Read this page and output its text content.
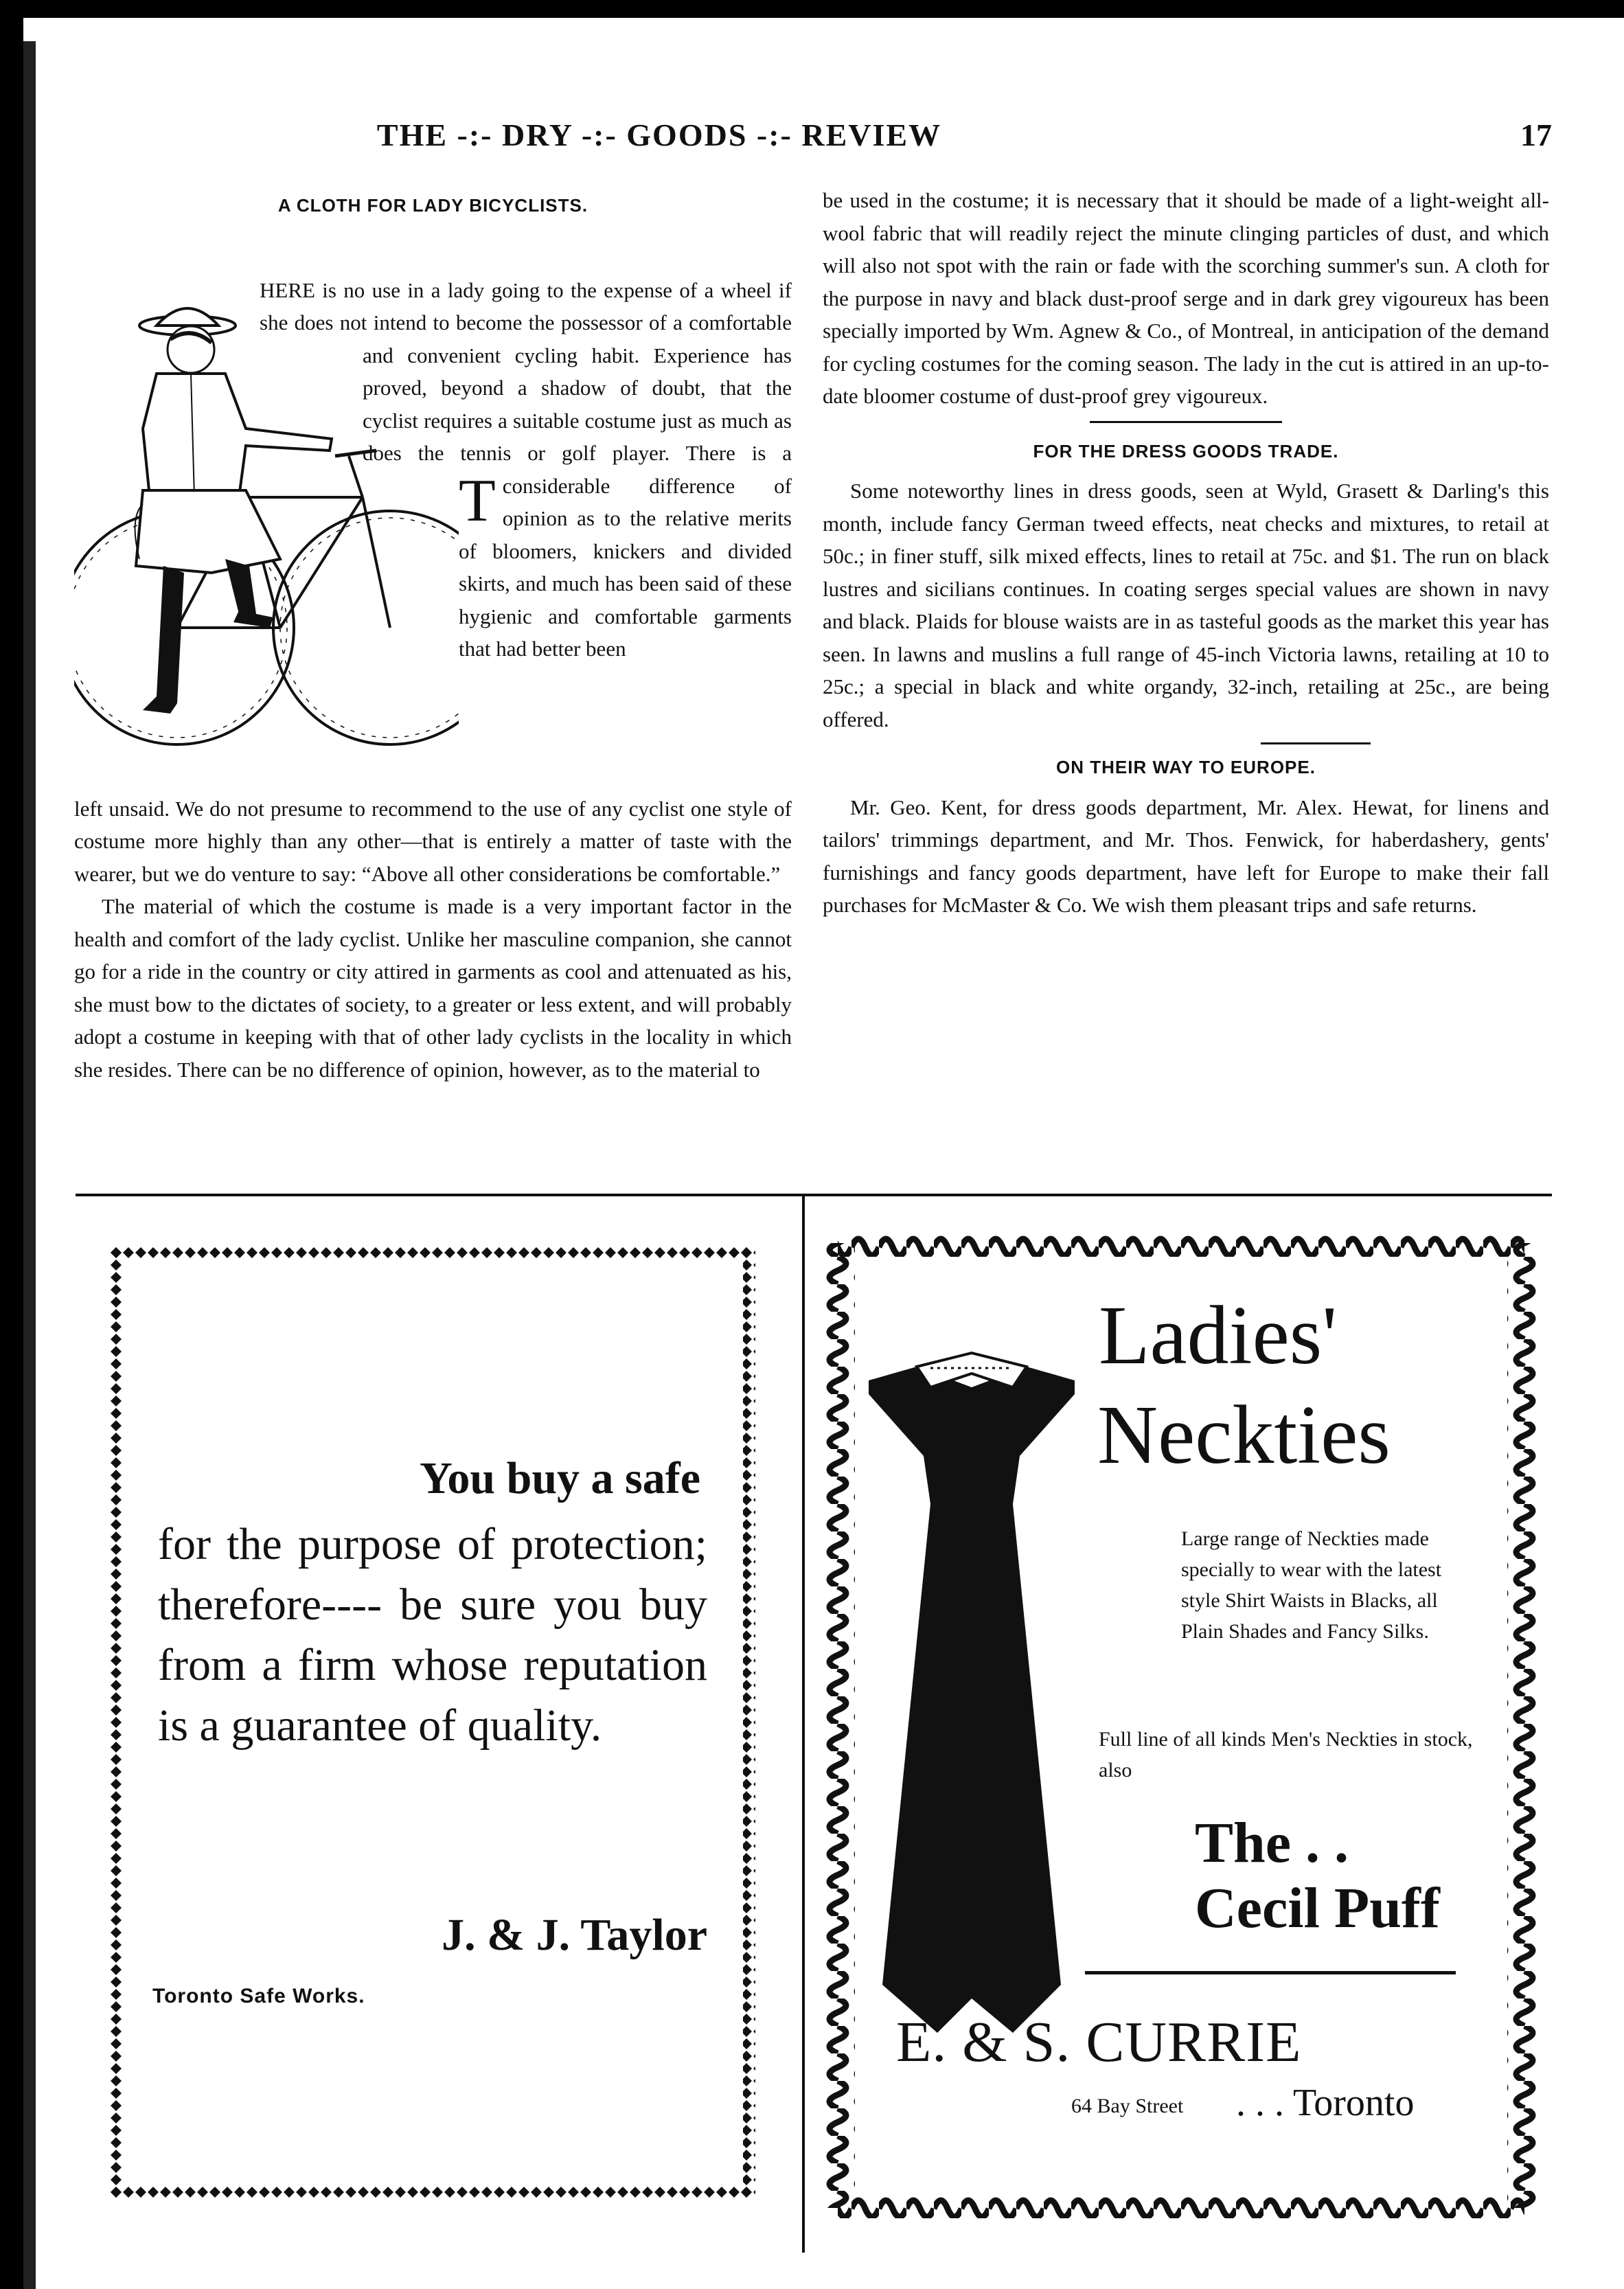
THE -:- DRY -:- GOODS -:- REVIEW	17
A CLOTH FOR LADY BICYCLISTS.
T
HERE is no use in a lady going to the expense of a wheel if she does not intend to become the possessor of a comfortable and convenient cycling habit. Experience has proved, beyond a shadow of doubt, that the cyclist requires a suitable costume just as much as does the tennis or golf player. There is a considerable difference of opinion as to the relative merits of bloomers, knickers and divided skirts, and much has been said of these hygienic and comfortable garments that had better been

left unsaid. We do not presume to recommend to the use of any cyclist one style of costume more highly than any other—that is entirely a matter of taste with the wearer, but we do venture to say: “Above all other considerations be comfortable.”

The material of which the costume is made is a very important factor in the health and comfort of the lady cyclist. Unlike her masculine companion, she cannot go for a ride in the country or city attired in garments as cool and attenuated as his, she must bow to the dictates of society, to a greater or less extent, and will probably adopt a costume in keeping with that of other lady cyclists in the locality in which she resides. There can be no difference of opinion, however, as to the material to

be used in the costume; it is necessary that it should be made of a light-weight all-wool fabric that will readily reject the minute clinging particles of dust, and which will also not spot with the rain or fade with the scorching summer's sun. A cloth for the purpose in navy and black dust-proof serge and in dark grey vigoureux has been specially imported by Wm. Agnew & Co., of Montreal, in anticipation of the demand for cycling costumes for the coming season. The lady in the cut is attired in an up-to-date bloomer costume of dust-proof grey vigoureux.

FOR THE DRESS GOODS TRADE.

Some noteworthy lines in dress goods, seen at Wyld, Grasett & Darling's this month, include fancy German tweed effects, neat checks and mixtures, to retail at 50c.; in finer stuff, silk mixed effects, lines to retail at 75c. and $1. The run on black lustres and sicilians continues. In coating serges special values are shown in navy and black. Plaids for blouse waists are in as tasteful goods as the market this year has seen. In lawns and muslins a full range of 45-inch Victoria lawns, retailing at 10 to 25c.; a special in black and white organdy, 32-inch, retailing at 25c., are being offered.

ON THEIR WAY TO EUROPE.

Mr. Geo. Kent, for dress goods department, Mr. Alex. Hewat, for linens and tailors' trimmings department, and Mr. Thos. Fenwick, for haberdashery, gents' furnishings and fancy goods department, have left for Europe to make their fall purchases for McMaster & Co. We wish them pleasant trips and safe returns.

You buy a safe
for the purpose of protection; therefore---- be sure you buy from a firm whose reputation is a guarantee of quality.
J. & J. Taylor
Toronto Safe Works.
Ladies'
Neckties
Large range of Neckties made specially to wear with the latest style Shirt Waists in Blacks, all Plain Shades and Fancy Silks.
Full line of all kinds Men's Neckties in stock, also
The . .
Cecil Puff
E. & S. CURRIE
64 Bay Street . . . Toronto
